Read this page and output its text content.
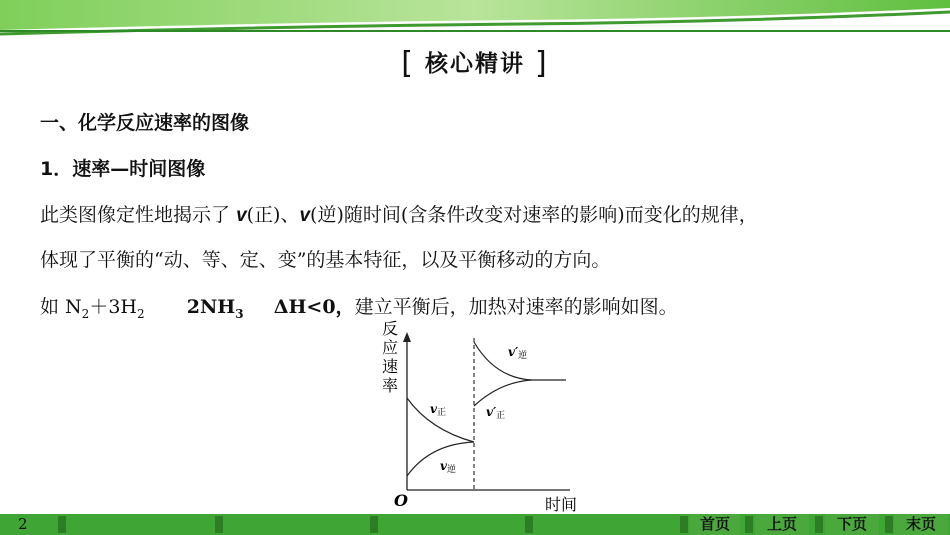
[ 核心精讲 ]
一、化学反应速率的图像
1．速率—时间图像
此类图像定性地揭示了 v(正)、v(逆)随时间(含条件改变对速率的影响)而变化的规律，
体现了平衡的“动、等、定、变”的基本特征，以及平衡移动的方向。
如 $N_2+3H_2$ $2NH_3$ ΔH<0，建立平衡后，加热对速率的影响如图。
反
应
速
率
O	时间
v正
v逆
v′逆
v′正
2	首页	上页	下页	末页
